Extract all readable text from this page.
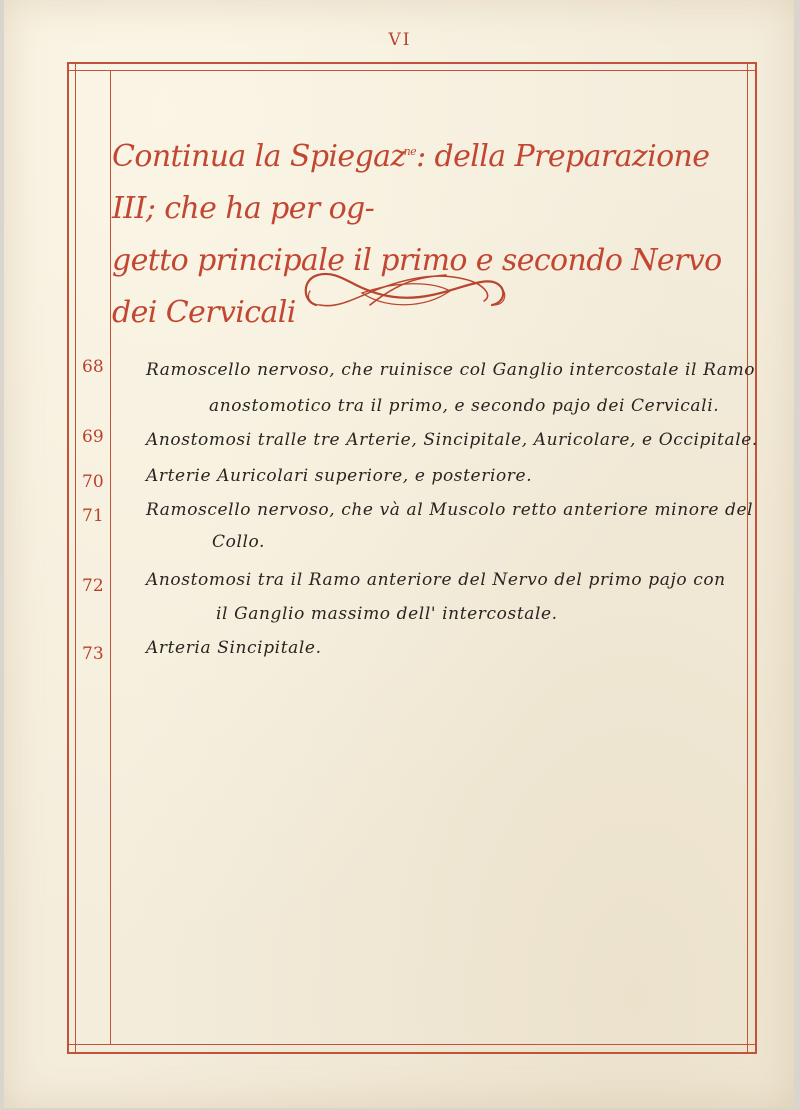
VI
Continua la Spiegaz$^{ne}$: della Preparazione III; che ha per og-
getto principale il primo e secondo Nervo dei Cervicali
68 Ramoscello nervoso, che ruinisce col Ganglio intercostale il Ramo
anostomotico tra il primo, e secondo pajo dei Cervicali.
69 Anostomosi tralle tre Arterie, Sincipitale, Auricolare, e Occipitale.
70 Arterie Auricolari superiore, e posteriore.
71 Ramoscello nervoso, che và al Muscolo retto anteriore minore del
Collo.
72 Anostomosi tra il Ramo anteriore del Nervo del primo pajo con
il Ganglio massimo dell' intercostale.
73 Arteria Sincipitale.
